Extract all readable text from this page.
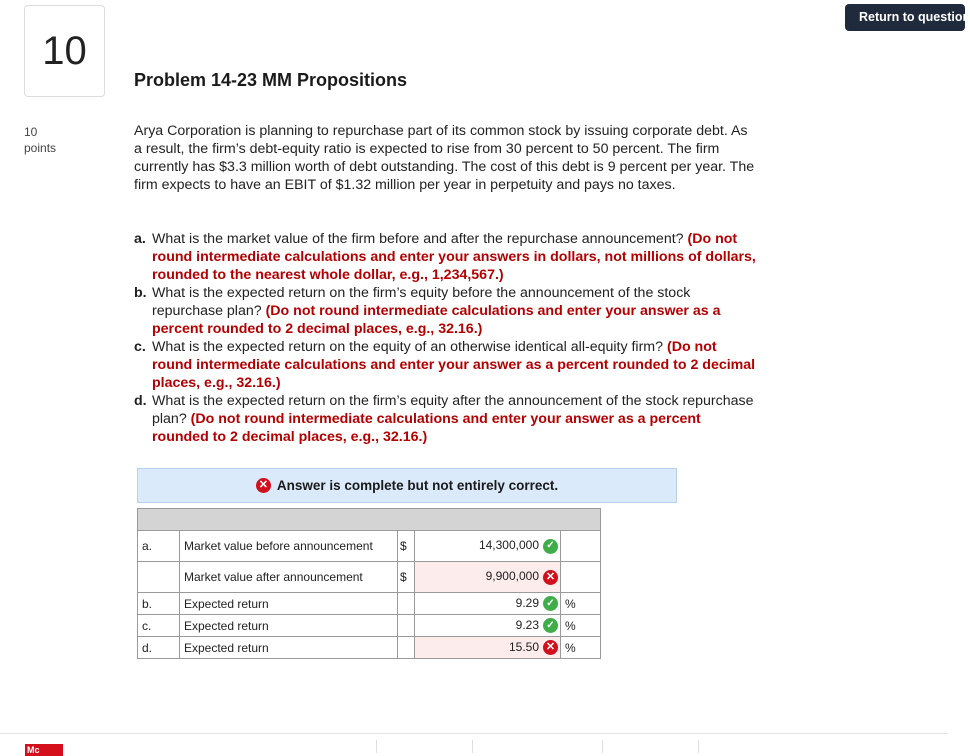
10
10
points
Return to question
Problem 14-23 MM Propositions
Arya Corporation is planning to repurchase part of its common stock by issuing corporate debt. As a result, the firm’s debt-equity ratio is expected to rise from 30 percent to 50 percent. The firm currently has $3.3 million worth of debt outstanding. The cost of this debt is 9 percent per year. The firm expects to have an EBIT of $1.32 million per year in perpetuity and pays no taxes.
a. What is the market value of the firm before and after the repurchase announcement? (Do not round intermediate calculations and enter your answers in dollars, not millions of dollars, rounded to the nearest whole dollar, e.g., 1,234,567.)
b. What is the expected return on the firm’s equity before the announcement of the stock repurchase plan? (Do not round intermediate calculations and enter your answer as a percent rounded to 2 decimal places, e.g., 32.16.)
c. What is the expected return on the equity of an otherwise identical all-equity firm? (Do not round intermediate calculations and enter your answer as a percent rounded to 2 decimal places, e.g., 32.16.)
d. What is the expected return on the firm’s equity after the announcement of the stock repurchase plan? (Do not round intermediate calculations and enter your answer as a percent rounded to 2 decimal places, e.g., 32.16.)
✕ Answer is complete but not entirely correct.

a.	Market value before announcement	$	14,300,000 ✓	
	Market value after announcement	$	9,900,000 ✕	
b.	Expected return		9.29 ✓	%
c.	Expected return		9.23 ✓	%
d.	Expected return		15.50 ✕	%
Mc
